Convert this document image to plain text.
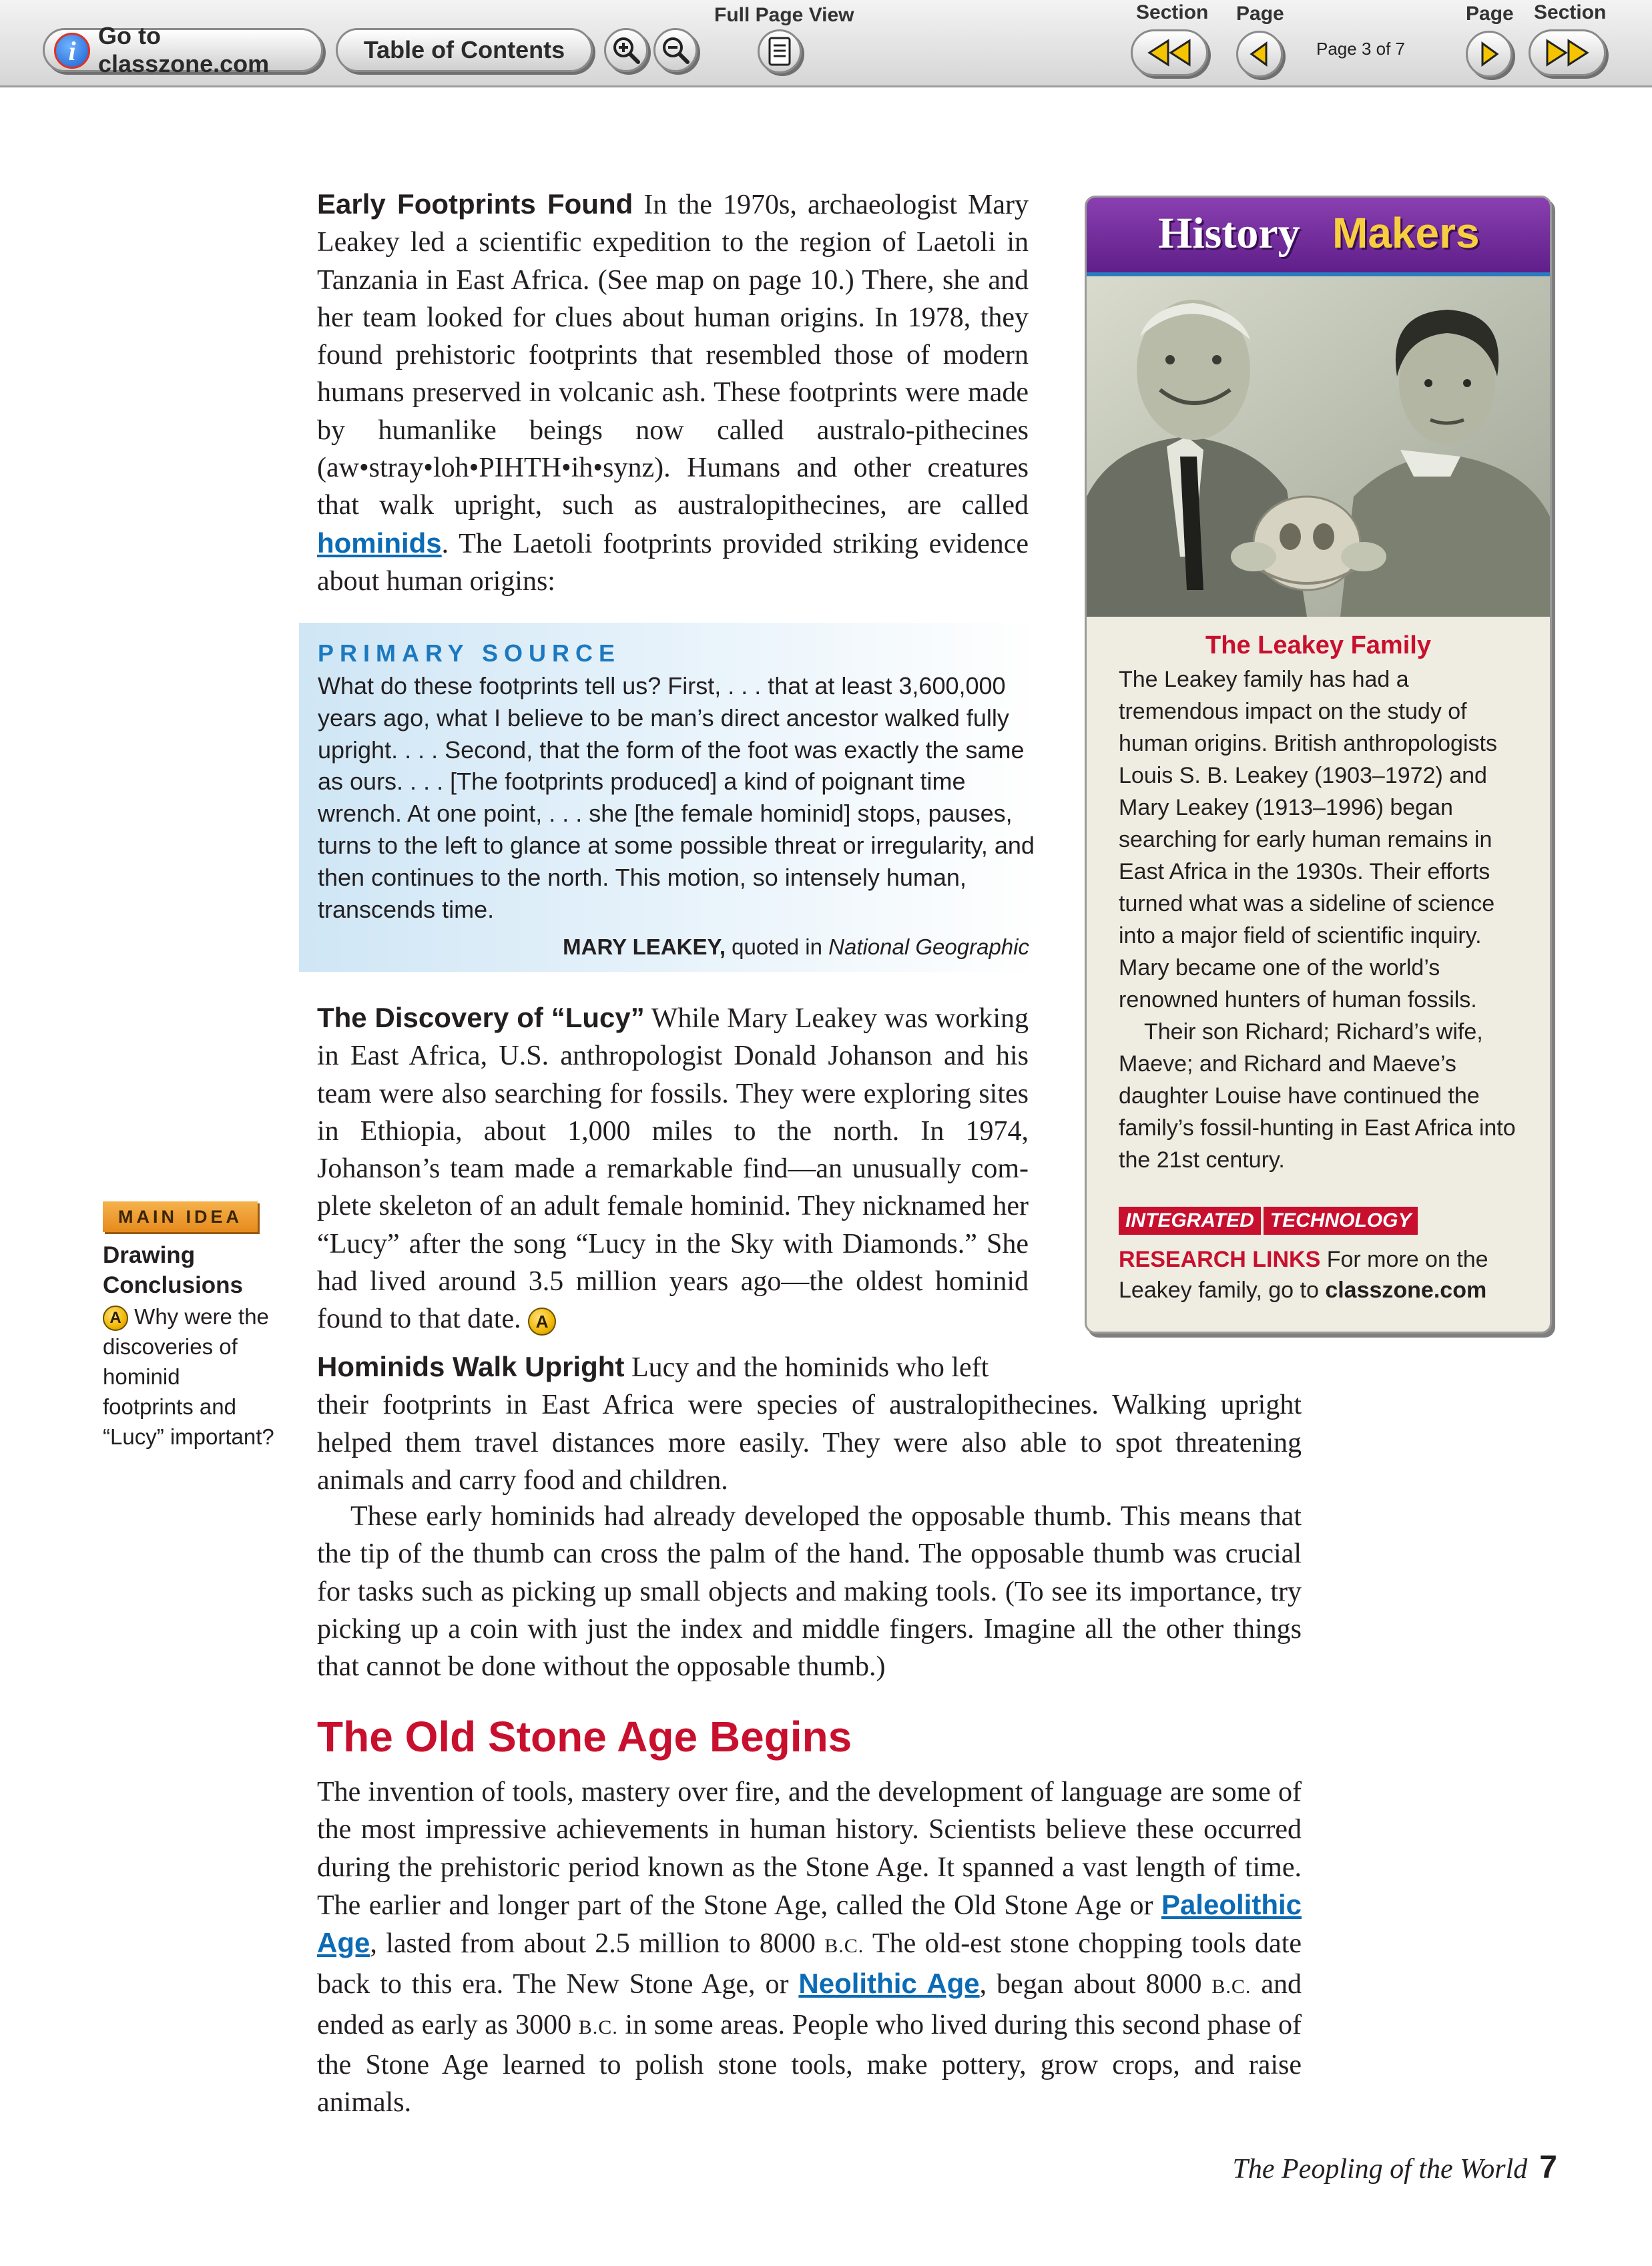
i Go to classzone.com
Table of Contents
Full Page View	Section Page
Page 3 of 7
Page Section

Early Footprints Found In the 1970s, archaeologist Mary Leakey led a scientific expedition to the region of Laetoli in Tanzania in East Africa. (See map on page 10.) There, she and her team looked for clues about human origins. In 1978, they found prehistoric footprints that resembled those of modern humans preserved in volcanic ash. These footprints were made by humanlike beings now called australo-pithecines (aw•stray•loh•PIHTH•ih•synz). Humans and other creatures that walk upright, such as australopithecines, are called hominids. The Laetoli footprints provided striking evidence about human origins:

PRIMARY SOURCE

What do these footprints tell us? First, . . . that at least 3,600,000 years ago, what I believe to be man’s direct ancestor walked fully upright. . . . Second, that the form of the foot was exactly the same as ours. . . . [The footprints produced] a kind of poignant time wrench. At one point, . . . she [the female hominid] stops, pauses, turns to the left to glance at some possible threat or irregularity, and then continues to the north. This motion, so intensely human, transcends time.

MARY LEAKEY, quoted in National Geographic

The Discovery of “Lucy” While Mary Leakey was working in East Africa, U.S. anthropologist Donald Johanson and his team were also searching for fossils. They were exploring sites in Ethiopia, about 1,000 miles to the north. In 1974, Johanson’s team made a remarkable find—an unusually com-plete skeleton of an adult female hominid. They nicknamed her “Lucy” after the song “Lucy in the Sky with Diamonds.” She had lived around 3.5 million years ago—the oldest hominid found to that date. A

Hominids Walk Upright Lucy and the hominids who left
their footprints in East Africa were species of australopithecines. Walking upright helped them travel distances more easily. They were also able to spot threatening animals and carry food and children.

These early hominids had already developed the opposable thumb. This means that the tip of the thumb can cross the palm of the hand. The opposable thumb was crucial for tasks such as picking up small objects and making tools. (To see its importance, try picking up a coin with just the index and middle fingers. Imagine all the other things that cannot be done without the opposable thumb.)

MAIN IDEA
Drawing
Conclusions

A Why were the discoveries of hominid footprints and “Lucy” important?

History Makers
The Leakey Family
The Leakey family has had a tremendous impact on the study of human origins. British anthropologists Louis S. B. Leakey (1903–1972) and Mary Leakey (1913–1996) began searching for early human remains in East Africa in the 1930s. Their efforts turned what was a sideline of science into a major field of scientific inquiry. Mary became one of the world’s renowned hunters of human fossils.
Their son Richard; Richard’s wife, Maeve; and Richard and Maeve’s daughter Louise have continued the family’s fossil-hunting in East Africa into the 21st century.
INTEGRATED TECHNOLOGY

RESEARCH LINKS For more on the Leakey family, go to classzone.com

The Old Stone Age Begins

The invention of tools, mastery over fire, and the development of language are some of the most impressive achievements in human history. Scientists believe these occurred during the prehistoric period known as the Stone Age. It spanned a vast length of time. The earlier and longer part of the Stone Age, called the Old Stone Age or Paleolithic Age, lasted from about 2.5 million to 8000 B.C. The old-est stone chopping tools date back to this era. The New Stone Age, or Neolithic Age, began about 8000 B.C. and ended as early as 3000 B.C. in some areas. People who lived during this second phase of the Stone Age learned to polish stone tools, make pottery, grow crops, and raise animals.

The Peopling of the World 7
